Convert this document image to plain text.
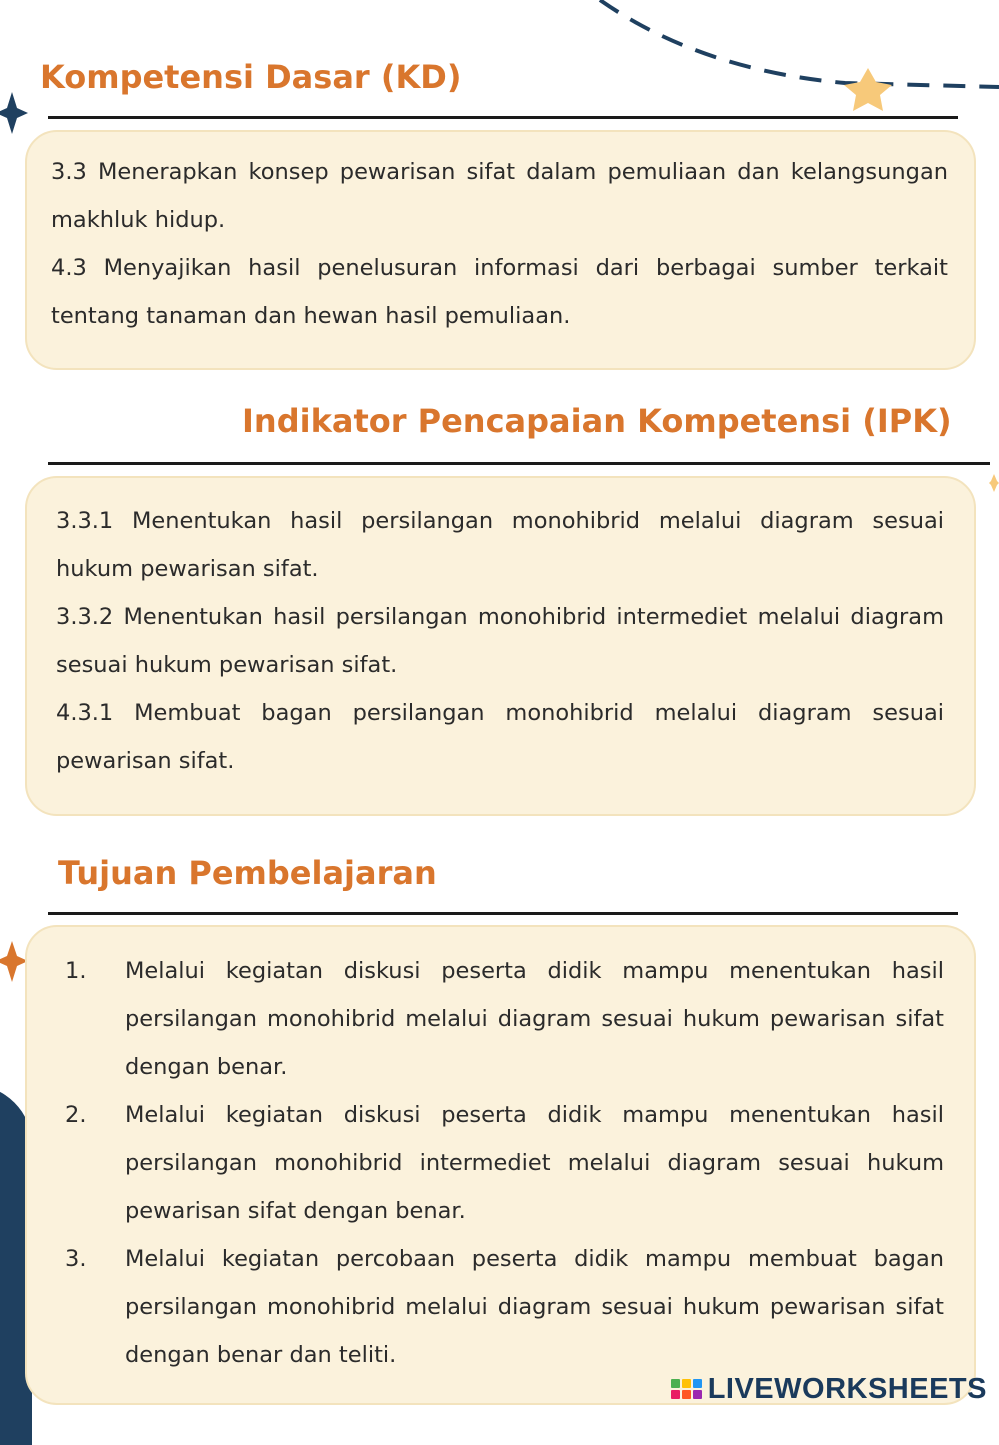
Kompetensi Dasar (KD)

3.3 Menerapkan konsep pewarisan sifat dalam pemuliaan dan kelangsungan makhluk hidup.

4.3 Menyajikan hasil penelusuran informasi dari berbagai sumber terkait tentang tanaman dan hewan hasil pemuliaan.

Indikator Pencapaian Kompetensi (IPK)

3.3.1 Menentukan hasil persilangan monohibrid melalui diagram sesuai hukum pewarisan sifat.

3.3.2 Menentukan hasil persilangan monohibrid intermediet melalui diagram sesuai hukum pewarisan sifat.

4.3.1 Membuat bagan persilangan monohibrid melalui diagram sesuai pewarisan sifat.

Tujuan Pembelajaran
1.	Melalui kegiatan diskusi peserta didik mampu menentukan hasil persilangan monohibrid melalui diagram sesuai hukum pewarisan sifat dengan benar.
2.	Melalui kegiatan diskusi peserta didik mampu menentukan hasil persilangan monohibrid intermediet melalui diagram sesuai hukum pewarisan sifat dengan benar.
3.	Melalui kegiatan percobaan peserta didik mampu membuat bagan persilangan monohibrid melalui diagram sesuai hukum pewarisan sifat dengan benar dan teliti.
LIVEWORKSHEETS
